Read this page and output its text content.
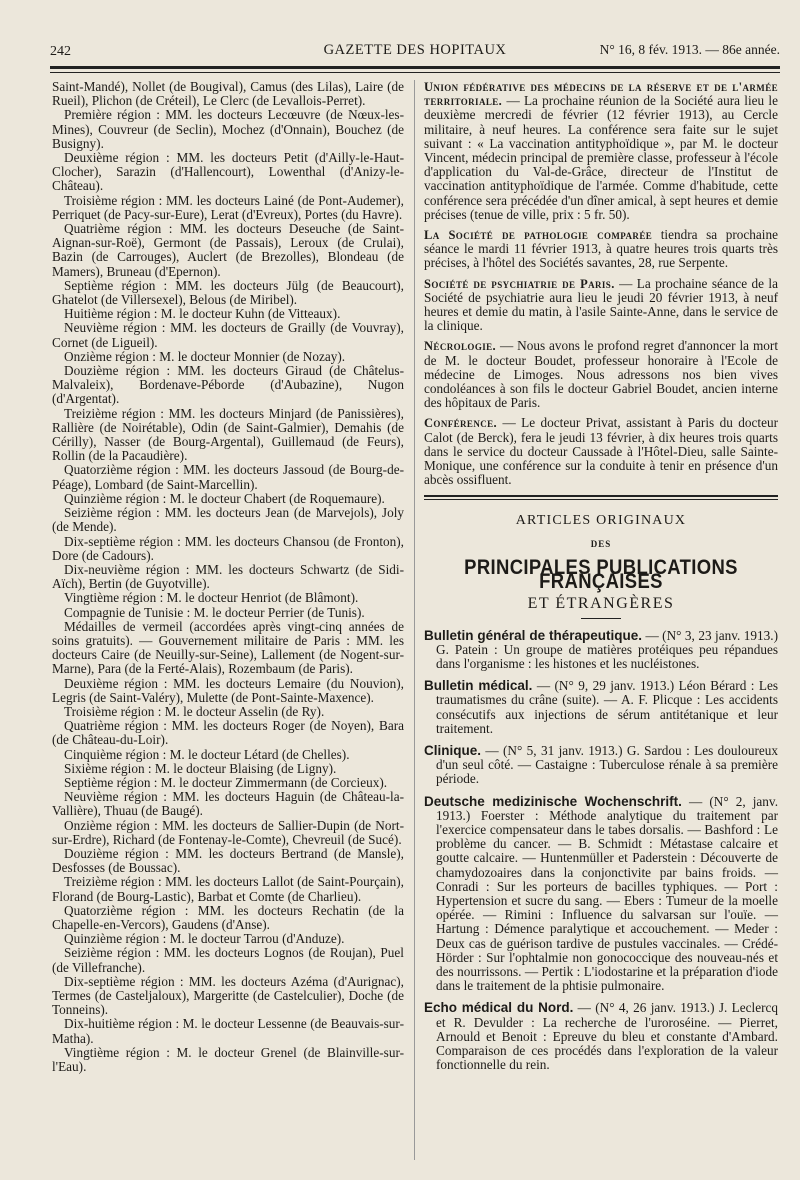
242	GAZETTE DES HOPITAUX	N° 16, 8 fév. 1913. — 86e année.

Saint-Mandé), Nollet (de Bougival), Camus (des Lilas), Laire (de Rueil), Plichon (de Créteil), Le Clerc (de Levallois-Perret).

Première région : MM. les docteurs Lecœuvre (de Nœux-les-Mines), Couvreur (de Seclin), Mochez (d'Onnain), Bouchez (de Busigny).

Deuxième région : MM. les docteurs Petit (d'Ailly-le-Haut-Clocher), Sarazin (d'Hallencourt), Lowenthal (d'Anizy-le-Château).

Troisième région : MM. les docteurs Lainé (de Pont-Audemer), Perriquet (de Pacy-sur-Eure), Lerat (d'Evreux), Portes (du Havre).

Quatrième région : MM. les docteurs Deseuche (de Saint-Aignan-sur-Roë), Germont (de Passais), Leroux (de Crulai), Bazin (de Carrouges), Auclert (de Brezolles), Blondeau (de Mamers), Bruneau (d'Epernon).

Septième région : MM. les docteurs Jülg (de Beaucourt), Ghatelot (de Villersexel), Belous (de Miribel).

Huitième région : M. le docteur Kuhn (de Vitteaux).

Neuvième région : MM. les docteurs de Grailly (de Vouvray), Cornet (de Ligueil).

Onzième région : M. le docteur Monnier (de Nozay).

Douzième région : MM. les docteurs Giraud (de Châtelus-Malvaleix), Bordenave-Péborde (d'Aubazine), Nugon (d'Argentat).

Treizième région : MM. les docteurs Minjard (de Panissières), Rallière (de Noirétable), Odin (de Saint-Galmier), Demahis (de Cérilly), Nasser (de Bourg-Argental), Guillemaud (de Feurs), Rollin (de la Pacaudière).

Quatorzième région : MM. les docteurs Jassoud (de Bourg-de-Péage), Lombard (de Saint-Marcellin).

Quinzième région : M. le docteur Chabert (de Roquemaure).

Seizième région : MM. les docteurs Jean (de Marvejols), Joly (de Mende).

Dix-septième région : MM. les docteurs Chansou (de Fronton), Dore (de Cadours).

Dix-neuvième région : MM. les docteurs Schwartz (de Sidi-Aïch), Bertin (de Guyotville).

Vingtième région : M. le docteur Henriot (de Blâmont).

Compagnie de Tunisie : M. le docteur Perrier (de Tunis).

Médailles de vermeil (accordées après vingt-cinq années de soins gratuits). — Gouvernement militaire de Paris : MM. les docteurs Caire (de Neuilly-sur-Seine), Lallement (de Nogent-sur-Marne), Para (de la Ferté-Alais), Rozembaum (de Paris).

Deuxième région : MM. les docteurs Lemaire (du Nouvion), Legris (de Saint-Valéry), Mulette (de Pont-Sainte-Maxence).

Troisième région : M. le docteur Asselin (de Ry).

Quatrième région : MM. les docteurs Roger (de Noyen), Bara (de Château-du-Loir).

Cinquième région : M. le docteur Létard (de Chelles).

Sixième région : M. le docteur Blaising (de Ligny).

Septième région : M. le docteur Zimmermann (de Corcieux).

Neuvième région : MM. les docteurs Haguin (de Château-la-Vallière), Thuau (de Baugé).

Onzième région : MM. les docteurs de Sallier-Dupin (de Nort-sur-Erdre), Richard (de Fontenay-le-Comte), Chevreuil (de Sucé).

Douzième région : MM. les docteurs Bertrand (de Mansle), Desfosses (de Boussac).

Treizième région : MM. les docteurs Lallot (de Saint-Pourçain), Florand (de Bourg-Lastic), Barbat et Comte (de Charlieu).

Quatorzième région : MM. les docteurs Rechatin (de la Chapelle-en-Vercors), Gaudens (d'Anse).

Quinzième région : M. le docteur Tarrou (d'Anduze).

Seizième région : MM. les docteurs Lognos (de Roujan), Puel (de Villefranche).

Dix-septième région : MM. les docteurs Azéma (d'Aurignac), Termes (de Casteljaloux), Margeritte (de Castelculier), Doche (de Tonneins).

Dix-huitième région : M. le docteur Lessenne (de Beauvais-sur-Matha).

Vingtième région : M. le docteur Grenel (de Blainville-sur-l'Eau).

Union fédérative des médecins de la réserve et de l'armée territoriale. — La prochaine réunion de la Société aura lieu le deuxième mercredi de février (12 février 1913), au Cercle militaire, à neuf heures. La conférence sera faite sur le sujet suivant : « La vaccination antityphoïdique », par M. le docteur Vincent, médecin principal de première classe, professeur à l'école d'application du Val-de-Grâce, directeur de l'Institut de vaccination antityphoïdique de l'armée. Comme d'habitude, cette conférence sera précédée d'un dîner amical, à sept heures et demie précises (tenue de ville, prix : 5 fr. 50).

La Société de pathologie comparée tiendra sa prochaine séance le mardi 11 février 1913, à quatre heures trois quarts très précises, à l'hôtel des Sociétés savantes, 28, rue Serpente.

Société de psychiatrie de Paris. — La prochaine séance de la Société de psychiatrie aura lieu le jeudi 20 février 1913, à neuf heures et demie du matin, à l'asile Sainte-Anne, dans le service de la clinique.

Nécrologie. — Nous avons le profond regret d'annoncer la mort de M. le docteur Boudet, professeur honoraire à l'Ecole de médecine de Limoges. Nous adressons nos bien vives condoléances à son fils le docteur Gabriel Boudet, ancien interne des hôpitaux de Paris.

Conférence. — Le docteur Privat, assistant à Paris du docteur Calot (de Berck), fera le jeudi 13 février, à dix heures trois quarts dans le service du docteur Caussade à l'Hôtel-Dieu, salle Sainte-Monique, une conférence sur la conduite à tenir en présence d'un abcès ossifluent.

ARTICLES ORIGINAUX
DES
PRINCIPALES PUBLICATIONS FRANÇAISES
ET ÉTRANGÈRES

Bulletin général de thérapeutique. — (N° 3, 23 janv. 1913.) G. Patein : Un groupe de matières protéiques peu répandues dans l'organisme : les histones et les nucléistones.

Bulletin médical. — (N° 9, 29 janv. 1913.) Léon Bérard : Les traumatismes du crâne (suite). — A. F. Plicque : Les accidents consécutifs aux injections de sérum antitétanique et leur traitement.

Clinique. — (N° 5, 31 janv. 1913.) G. Sardou : Les douloureux d'un seul côté. — Castaigne : Tuberculose rénale à sa première période.

Deutsche medizinische Wochenschrift. — (N° 2, janv. 1913.) Foerster : Méthode analytique du traitement par l'exercice compensateur dans le tabes dorsalis. — Bashford : Le problème du cancer. — B. Schmidt : Métastase calcaire et goutte calcaire. — Huntenmüller et Paderstein : Découverte de chamydozoaires dans la conjonctivite par bains froids. — Conradi : Sur les porteurs de bacilles typhiques. — Port : Hypertension et sucre du sang. — Ebers : Tumeur de la moelle opérée. — Rimini : Influence du salvarsan sur l'ouïe. — Hartung : Démence paralytique et accouchement. — Meder : Deux cas de guérison tardive de pustules vaccinales. — Crédé-Hörder : Sur l'ophtalmie non gonococcique des nouveau-nés et des nourrissons. — Pertik : L'iodostarine et la préparation d'iode dans le traitement de la phtisie pulmonaire.

Echo médical du Nord. — (N° 4, 26 janv. 1913.) J. Leclercq et R. Devulder : La recherche de l'uroroséine. — Pierret, Arnould et Benoit : Epreuve du bleu et constante d'Ambard. Comparaison de ces procédés dans l'exploration de la valeur fonctionnelle du rein.
